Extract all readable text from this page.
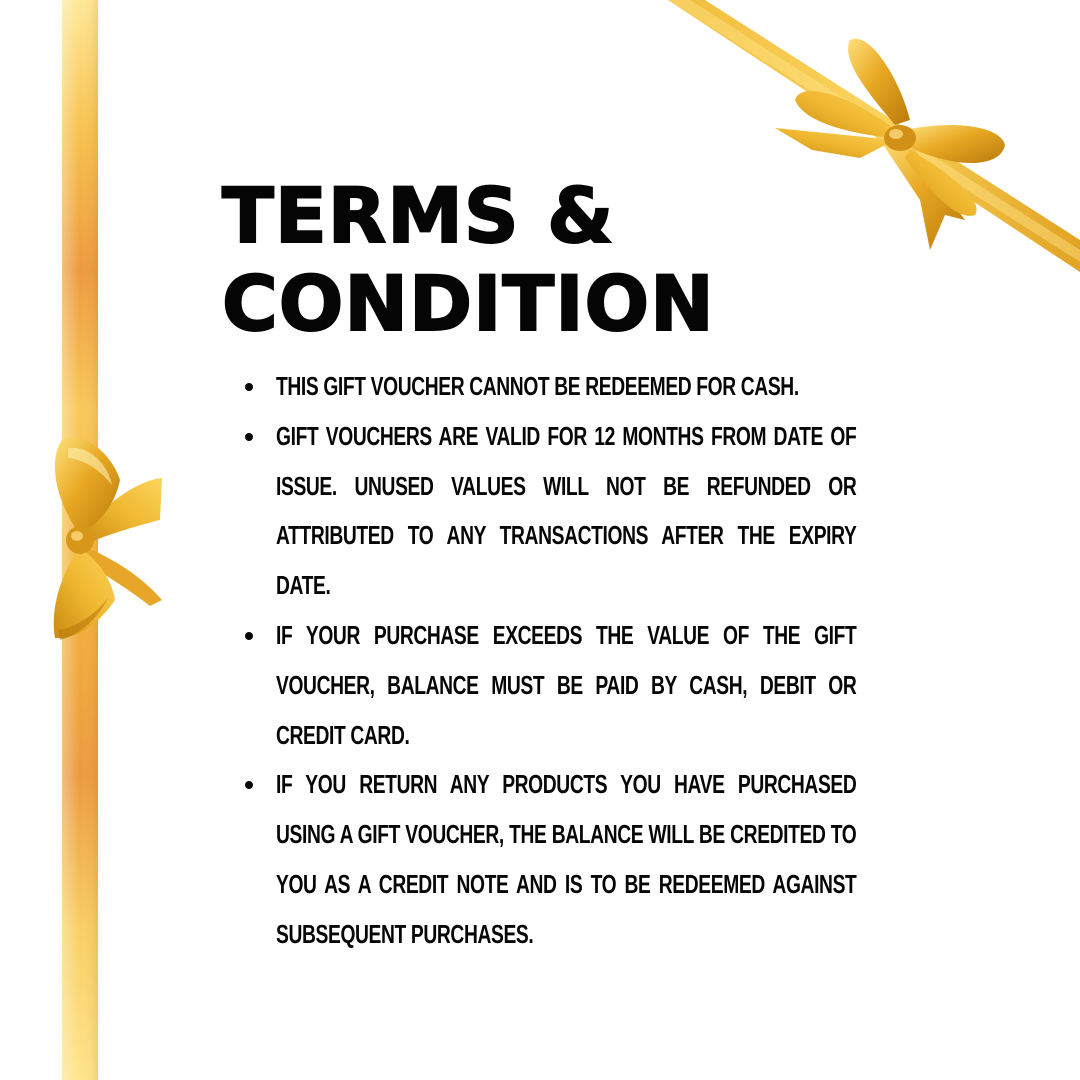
TERMS &
CONDITION
THIS GIFT VOUCHER CANNOT BE REDEEMED FOR CASH.
GIFT VOUCHERS ARE VALID FOR 12 MONTHS FROM DATE OF ISSUE. UNUSED VALUES WILL NOT BE REFUNDED OR ATTRIBUTED TO ANY TRANSACTIONS AFTER THE EXPIRY DATE.
IF YOUR PURCHASE EXCEEDS THE VALUE OF THE GIFT VOUCHER, BALANCE MUST BE PAID BY CASH, DEBIT OR CREDIT CARD.
IF YOU RETURN ANY PRODUCTS YOU HAVE PURCHASED USING A GIFT VOUCHER, THE BALANCE WILL BE CREDITED TO YOU AS A CREDIT NOTE AND IS TO BE REDEEMED AGAINST SUBSEQUENT PURCHASES.
